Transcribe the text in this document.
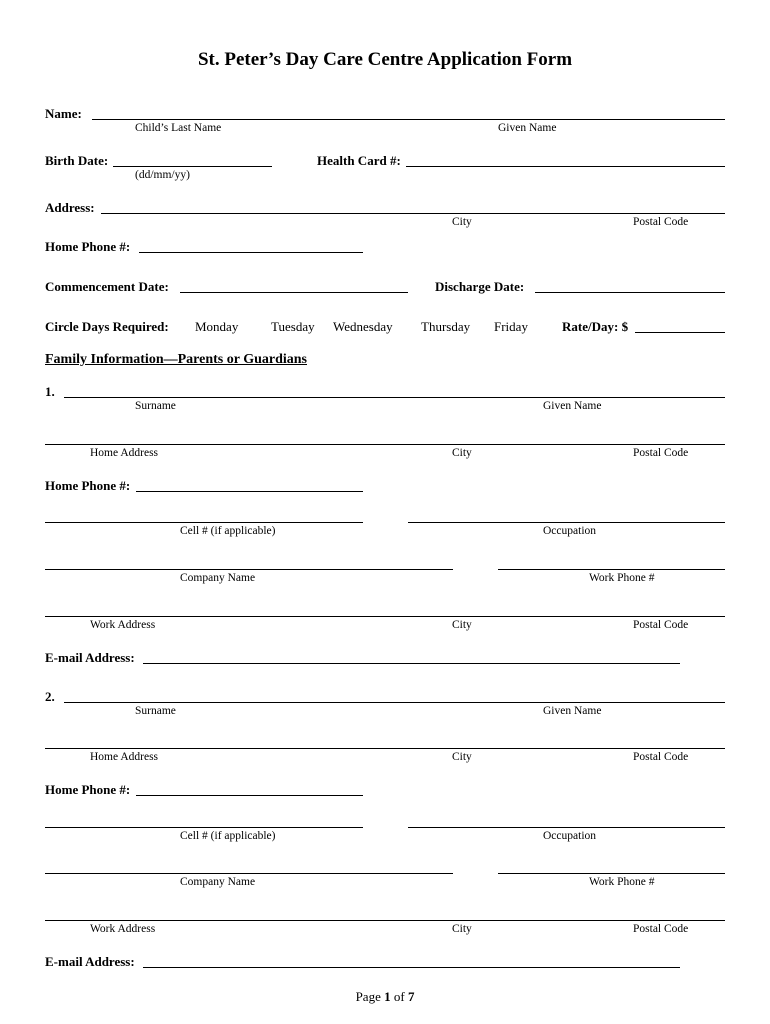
St. Peter’s Day Care Centre Application Form
Name:
Child’s Last Name	Given Name
Birth Date:
(dd/mm/yy)
Health Card #:
Address:
City	Postal Code
Home Phone #:
Commencement Date:	Discharge Date:
Circle Days Required: Monday	Tuesday Wednesday Thursday Friday	Rate/Day: $
Family Information—Parents or Guardians
1.
Surname	Given Name
Home Address	City	Postal Code
Home Phone #:
Cell # (if applicable)	Occupation
Company Name	Work Phone #
Work Address	City	Postal Code
E-mail Address:
2.
Surname	Given Name
Home Address	City	Postal Code
Home Phone #:
Cell # (if applicable)	Occupation
Company Name	Work Phone #
Work Address	City	Postal Code
E-mail Address:
Page 1 of 7
